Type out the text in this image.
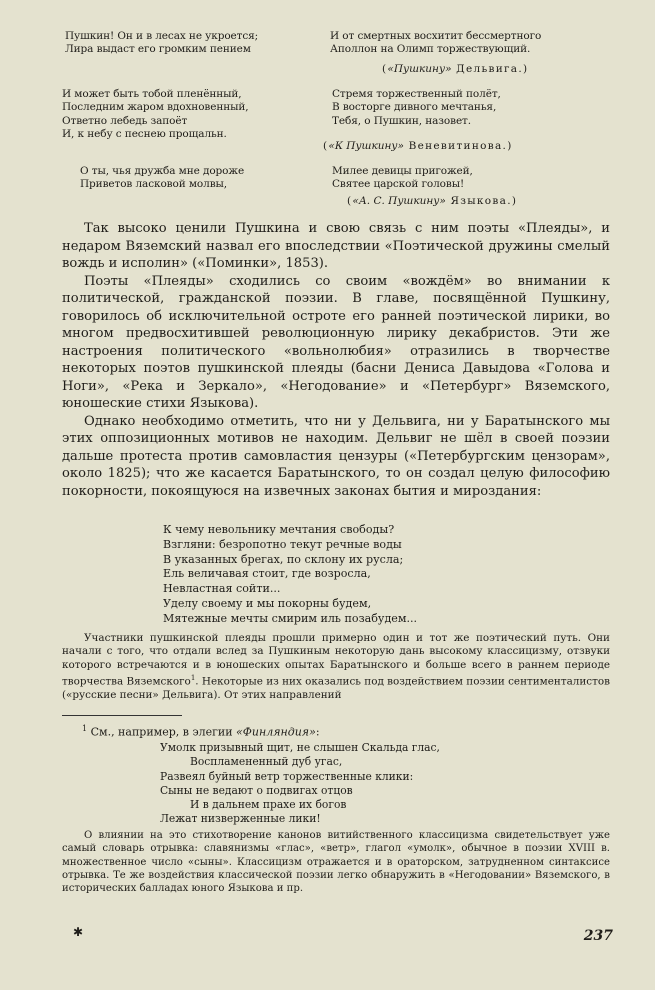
Пушкин! Он и в лесах не укроется;
Лира выдаст его громким пением
И от смертных восхитит бессмертного
Аполлон на Олимп торжествующий.
(«Пушкину» Дельвига.)
И может быть тобой пленённый,
Последним жаром вдохновенный,
Ответно лебедь запоёт
И, к небу с песнею прощальн.
Стремя торжественный полёт,
В восторге дивного мечтанья,
Тебя, о Пушкин, назовет.
(«К Пушкину» Веневитинова.)
О ты, чья дружба мне дороже
Приветов ласковой молвы,
Милее девицы пригожей,
Святее царской головы!
(«А. С. Пушкину» Языкова.)

Так высоко ценили Пушкина и свою связь с ним поэты «Плеяды», и недаром Вяземский назвал его впоследствии «Поэтической дружины смелый вождь и исполин» («Поминки», 1853).

Поэты «Плеяды» сходились со своим «вождём» во внимании к политической, гражданской поэзии. В главе, посвящённой Пушкину, говорилось об исключительной остроте его ранней поэтической лирики, во многом предвосхитившей революционную лирику декабристов. Эти же настроения политического «вольнолюбия» отразились в творчестве некоторых поэтов пушкинской плеяды (басни Дениса Давыдова «Голова и Ноги», «Река и Зеркало», «Негодование» и «Петербург» Вяземского, юношеские стихи Языкова).

Однако необходимо отметить, что ни у Дельвига, ни у Баратынского мы этих оппозиционных мотивов не находим. Дельвиг не шёл в своей поэзии дальше протеста против самовластия цензуры («Петербургским цензорам», около 1825); что же касается Баратынского, то он создал целую философию покорности, покоящуюся на извечных законах бытия и мироздания:

К чему невольнику мечтания свободы?
Взгляни: безропотно текут речные воды
В указанных брегах, по склону их русла;
Ель величавая стоит, где возросла,
Невластная сойти...
Уделу своему и мы покорны будем,
Мятежные мечты смирим иль позабудем...

Участники пушкинской плеяды прошли примерно один и тот же поэтический путь. Они начали с того, что отдали вслед за Пушкиным некоторую дань высокому классицизму, отзвуки которого встречаются и в юношеских опытах Баратынского и больше всего в раннем периоде творчества Вяземского$^1$. Некоторые из них оказались под воздействием поэзии сентименталистов («русские песни» Дельвига). От этих направлений

$^1$ См., например, в элегии «Финляндия»:
Умолк призывный щит, не слышен Скальда глас,
Воспламененный дуб угас,
Развеял буйный ветр торжественные клики:
Сыны не ведают о подвигах отцов
И в дальнем прахе их богов
Лежат низверженные лики!

О влиянии на это стихотворение канонов витийственного классицизма свидетельствует уже самый словарь отрывка: славянизмы «глас», «ветр», глагол «умолк», обычное в поэзии XVIII в. множественное число «сыны». Классицизм отражается и в ораторском, затрудненном синтаксисе отрывка. Те же воздействия классической поэзии легко обнаружить в «Негодовании» Вяземского, в исторических балладах юного Языкова и пр.

✱	237
